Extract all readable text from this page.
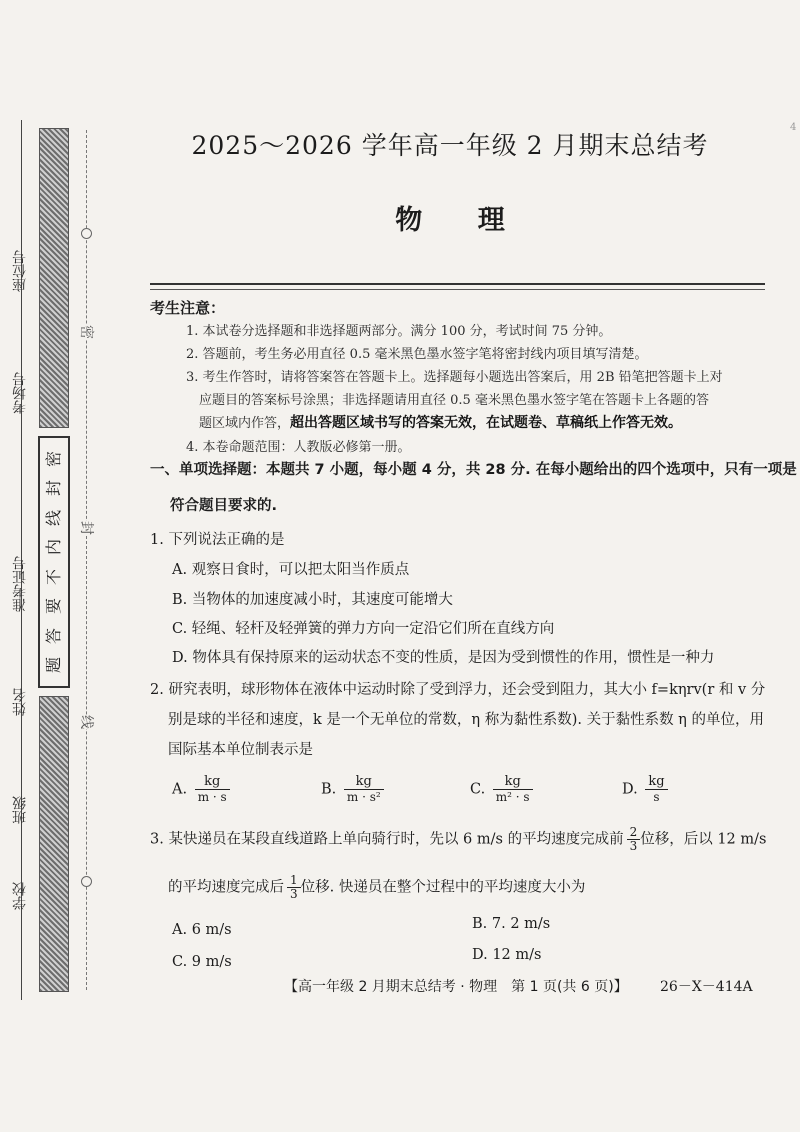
座位号
考场号
准考证号
姓名
班级
学校
密
封
线
内
不
要
答
题
密
封
线
4
2025～2026 学年高一年级 2 月期末总结考
物 理
考生注意：
1. 本试卷分选择题和非选择题两部分。满分 100 分，考试时间 75 分钟。
2. 答题前，考生务必用直径 0.5 毫米黑色墨水签字笔将密封线内项目填写清楚。
3. 考生作答时，请将答案答在答题卡上。选择题每小题选出答案后，用 2B 铅笔把答题卡上对
应题目的答案标号涂黑；非选择题请用直径 0.5 毫米黑色墨水签字笔在答题卡上各题的答
题区域内作答，超出答题区域书写的答案无效，在试题卷、草稿纸上作答无效。
4. 本卷命题范围：人教版必修第一册。
一、单项选择题：本题共 7 小题，每小题 4 分，共 28 分. 在每小题给出的四个选项中，只有一项是
符合题目要求的.
1. 下列说法正确的是
A. 观察日食时，可以把太阳当作质点
B. 当物体的加速度减小时，其速度可能增大
C. 轻绳、轻杆及轻弹簧的弹力方向一定沿它们所在直线方向
D. 物体具有保持原来的运动状态不变的性质，是因为受到惯性的作用，惯性是一种力
2. 研究表明，球形物体在液体中运动时除了受到浮力，还会受到阻力，其大小 f=kηrv(r 和 v 分
别是球的半径和速度，k 是一个无单位的常数，η 称为黏性系数). 关于黏性系数 η 的单位，用
国际基本单位制表示是
A. $\frac{kg}{m \cdot s}$	B. $\frac{kg}{\text{m · s²}}$	C. $\frac{kg}{\text{m² · s}}$	D. $\frac{kg}{s}$
3. 某快递员在某段直线道路上单向骑行时，先以 6 m/s 的平均速度完成前 $\frac{2}{3}$ 位移，后以 12 m/s
的平均速度完成后 $\frac{1}{3}$ 位移. 快递员在整个过程中的平均速度大小为
A. 6 m/s	B. 7. 2 m/s
C. 9 m/s	D. 12 m/s
【高一年级 2 月期末总结考 · 物理　第 1 页(共 6 页)】 26－X－414A
